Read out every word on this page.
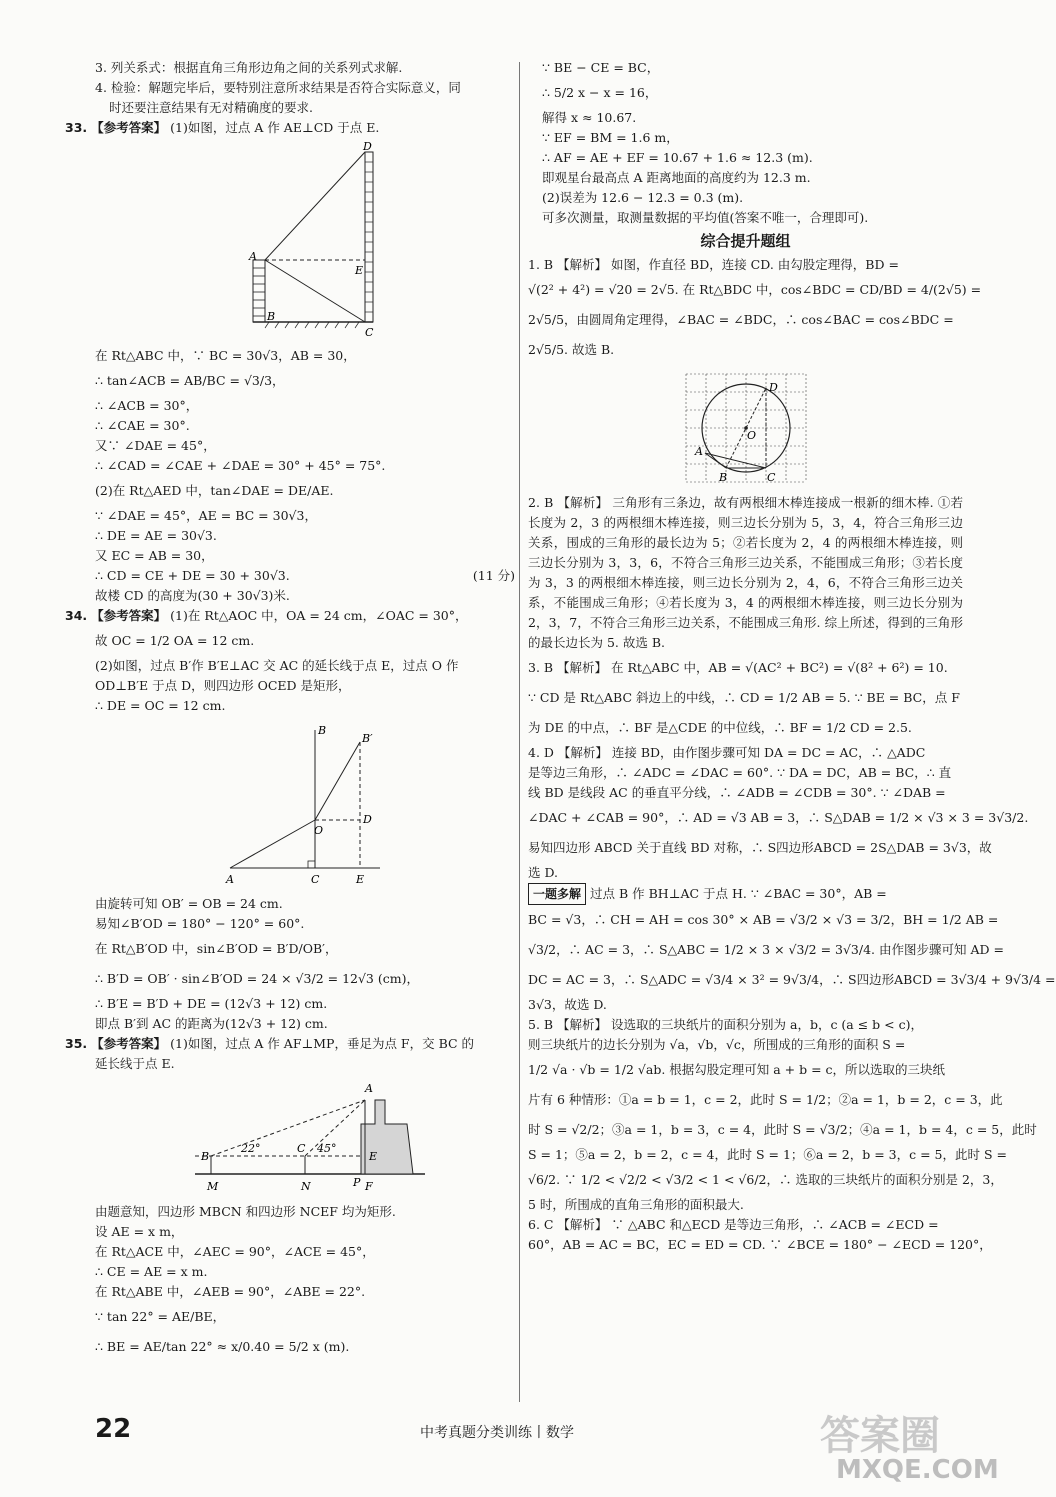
3. 列关系式：根据直角三角形边角之间的关系列式求解.

4. 检验：解题完毕后，要特别注意所求结果是否符合实际意义，同

时还要注意结果有无对精确度的要求.

33. 【参考答案】 (1)如图，过点 A 作 AE⊥CD 于点 E.

D
A
E
B
C

在 Rt△ABC 中，∵ BC = 30√3，AB = 30，

∴ tan∠ACB = AB/BC = √3/3，

∴ ∠ACB = 30°，

∴ ∠CAE = 30°.

又∵ ∠DAE = 45°，

∴ ∠CAD = ∠CAE + ∠DAE = 30° + 45° = 75°.

(2)在 Rt△AED 中，tan∠DAE = DE/AE.

∵ ∠DAE = 45°，AE = BC = 30√3，

∴ DE = AE = 30√3.

又 EC = AB = 30，

∴ CD = CE + DE = 30 + 30√3.	(11 分)

故楼 CD 的高度为(30 + 30√3)米.

34. 【参考答案】 (1)在 Rt△AOC 中，OA = 24 cm，∠OAC = 30°，

故 OC = 1/2 OA = 12 cm.

(2)如图，过点 B′作 B′E⊥AC 交 AC 的延长线于点 E，过点 O 作

OD⊥B′E 于点 D，则四边形 OCED 是矩形，

∴ DE = OC = 12 cm.

B
B′
O
D
A	C	E

由旋转可知 OB′ = OB = 24 cm.

易知∠B′OD = 180° − 120° = 60°.

在 Rt△B′OD 中，sin∠B′OD = B′D/OB′，

∴ B′D = OB′ · sin∠B′OD = 24 × √3/2 = 12√3 (cm)，

∴ B′E = B′D + DE = (12√3 + 12) cm.

即点 B′到 AC 的距离为(12√3 + 12) cm.

35. 【参考答案】 (1)如图，过点 A 作 AF⊥MP，垂足为点 F，交 BC 的

延长线于点 E.

A
B
22°	C 45°
E
M	N	P F

由题意知，四边形 MBCN 和四边形 NCEF 均为矩形.

设 AE = x m，

在 Rt△ACE 中，∠AEC = 90°，∠ACE = 45°，

∴ CE = AE = x m.

在 Rt△ABE 中，∠AEB = 90°，∠ABE = 22°.

∵ tan 22° = AE/BE，

∴ BE = AE/tan 22° ≈ x/0.40 = 5/2 x (m).

∵ BE − CE = BC，

∴ 5/2 x − x = 16，

解得 x ≈ 10.67.

∵ EF = BM = 1.6 m，

∴ AF = AE + EF = 10.67 + 1.6 ≈ 12.3 (m).

即观星台最高点 A 距离地面的高度约为 12.3 m.

(2)误差为 12.6 − 12.3 = 0.3 (m).

可多次测量，取测量数据的平均值(答案不唯一，合理即可).

综合提升题组

1. B 【解析】 如图，作直径 BD，连接 CD. 由勾股定理得，BD =

√(2² + 4²) = √20 = 2√5. 在 Rt△BDC 中，cos∠BDC = CD/BD = 4/(2√5) =

2√5/5，由圆周角定理得，∠BAC = ∠BDC，∴ cos∠BAC = cos∠BDC =

2√5/5. 故选 B.

D
O
A
B	C

2. B 【解析】 三角形有三条边，故有两根细木棒连接成一根新的细木棒. ①若长度为 2，3 的两根细木棒连接，则三边长分别为 5，3，4，符合三角形三边关系，围成的三角形的最长边为 5；②若长度为 2，4 的两根细木棒连接，则三边长分别为 3，3，6，不符合三角形三边关系，不能围成三角形；③若长度为 3，3 的两根细木棒连接，则三边长分别为 2，4，6，不符合三角形三边关系，不能围成三角形；④若长度为 3，4 的两根细木棒连接，则三边长分别为 2，3，7，不符合三角形三边关系，不能围成三角形. 综上所述，得到的三角形的最长边长为 5. 故选 B.

3. B 【解析】 在 Rt△ABC 中，AB = √(AC² + BC²) = √(8² + 6²) = 10.

∵ CD 是 Rt△ABC 斜边上的中线，∴ CD = 1/2 AB = 5. ∵ BE = BC，点 F

为 DE 的中点，∴ BF 是△CDE 的中位线，∴ BF = 1/2 CD = 2.5.

4. D 【解析】 连接 BD，由作图步骤可知 DA = DC = AC，∴ △ADC

是等边三角形，∴ ∠ADC = ∠DAC = 60°. ∵ DA = DC，AB = BC，∴ 直

线 BD 是线段 AC 的垂直平分线，∴ ∠ADB = ∠CDB = 30°. ∵ ∠DAB =

∠DAC + ∠CAB = 90°，∴ AD = √3 AB = 3，∴ S△DAB = 1/2 × √3 × 3 = 3√3/2.

易知四边形 ABCD 关于直线 BD 对称，∴ S四边形ABCD = 2S△DAB = 3√3，故

选 D.

一题多解 过点 B 作 BH⊥AC 于点 H. ∵ ∠BAC = 30°，AB =

BC = √3，∴ CH = AH = cos 30° × AB = √3/2 × √3 = 3/2，BH = 1/2 AB =

√3/2，∴ AC = 3，∴ S△ABC = 1/2 × 3 × √3/2 = 3√3/4. 由作图步骤可知 AD =

DC = AC = 3，∴ S△ADC = √3/4 × 3² = 9√3/4，∴ S四边形ABCD = 3√3/4 + 9√3/4 =

3√3，故选 D.

5. B 【解析】 设选取的三块纸片的面积分别为 a，b，c (a ≤ b < c)，

则三块纸片的边长分别为 √a，√b，√c，所围成的三角形的面积 S =

1/2 √a · √b = 1/2 √ab. 根据勾股定理可知 a + b = c，所以选取的三块纸

片有 6 种情形：①a = b = 1，c = 2，此时 S = 1/2；②a = 1，b = 2，c = 3，此

时 S = √2/2；③a = 1，b = 3，c = 4，此时 S = √3/2；④a = 1，b = 4，c = 5，此时

S = 1；⑤a = 2，b = 2，c = 4，此时 S = 1；⑥a = 2，b = 3，c = 5，此时 S =

√6/2. ∵ 1/2 < √2/2 < √3/2 < 1 < √6/2，∴ 选取的三块纸片的面积分别是 2，3，

5 时，所围成的直角三角形的面积最大.

6. C 【解析】 ∵ △ABC 和△ECD 是等边三角形，∴ ∠ACB = ∠ECD =

60°，AB = AC = BC，EC = ED = CD. ∵ ∠BCE = 180° − ∠ECD = 120°，

22	中考真题分类训练丨数学	答案圈
MXQE.COM
